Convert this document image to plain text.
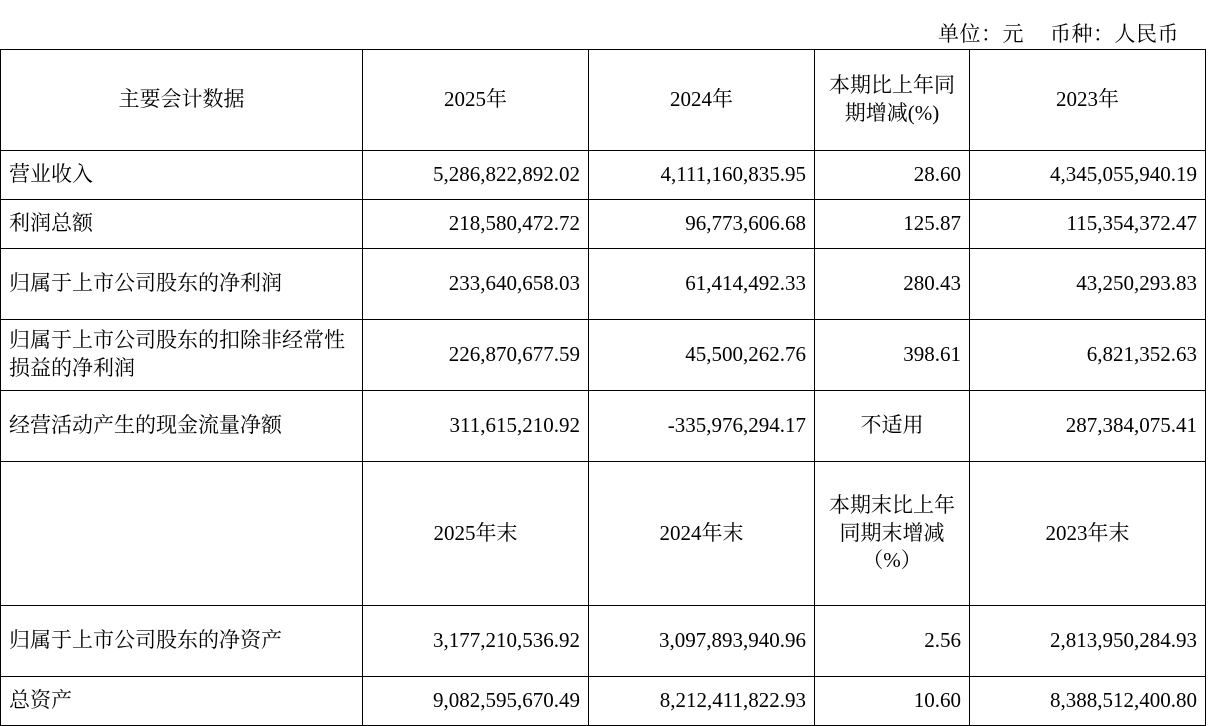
单位：元 币种：人民币
主要会计数据	2025年	2024年	本期比上年同期增减(%)	2023年
营业收入	5,286,822,892.02	4,111,160,835.95	28.60	4,345,055,940.19
利润总额	218,580,472.72	96,773,606.68	125.87	115,354,372.47
归属于上市公司股东的净利润	233,640,658.03	61,414,492.33	280.43	43,250,293.83
归属于上市公司股东的扣除非经常性损益的净利润	226,870,677.59	45,500,262.76	398.61	6,821,352.63
经营活动产生的现金流量净额	311,615,210.92	-335,976,294.17	不适用	287,384,075.41
	2025年末	2024年末	本期末比上年同期末增减（%）	2023年末
归属于上市公司股东的净资产	3,177,210,536.92	3,097,893,940.96	2.56	2,813,950,284.93
总资产	9,082,595,670.49	8,212,411,822.93	10.60	8,388,512,400.80
